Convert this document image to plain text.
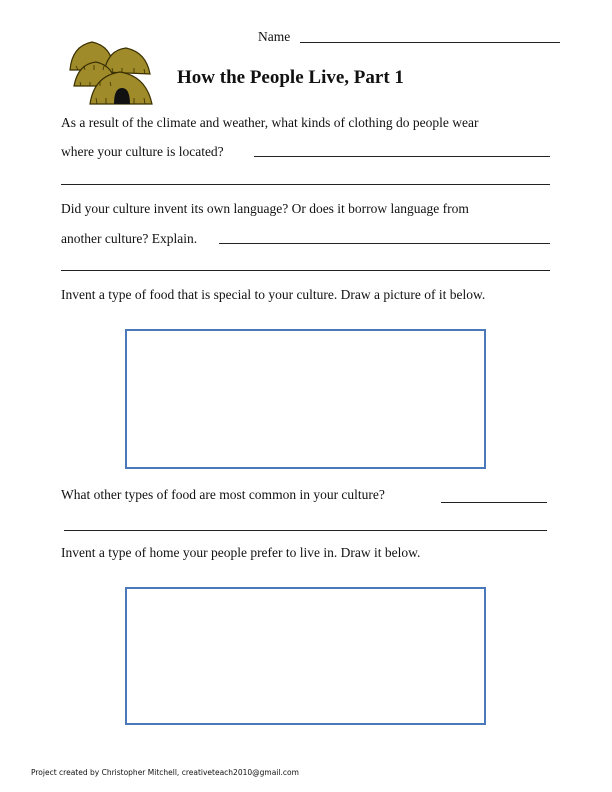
Name
How the People Live, Part 1
As a result of the climate and weather, what kinds of clothing do people wear
where your culture is located?
Did your culture invent its own language? Or does it borrow language from
another culture? Explain.
Invent a type of food that is special to your culture. Draw a picture of it below.
What other types of food are most common in your culture?
Invent a type of home your people prefer to live in. Draw it below.
Project created by Christopher Mitchell, creativeteach2010@gmail.com
